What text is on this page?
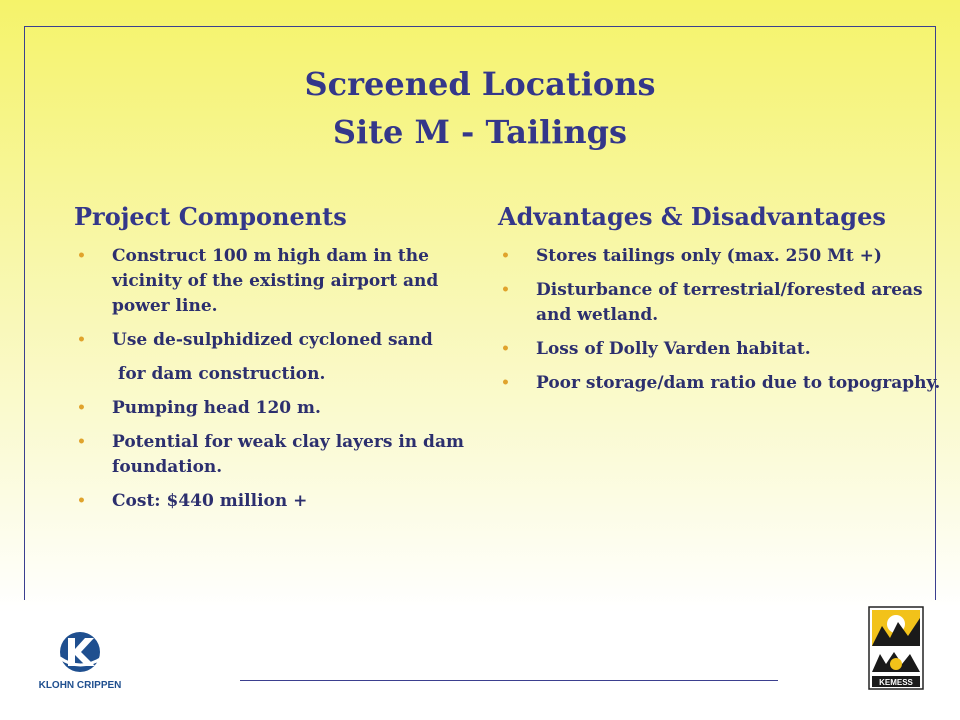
Screened Locations
Site M - Tailings
Project Components
• Construct 100 m high dam in the vicinity of the existing airport and power line.
• Use de-sulphidized cycloned sand
for dam construction.
• Pumping head 120 m.
• Potential for weak clay layers in dam foundation.
• Cost: $440 million +
Advantages & Disadvantages
• Stores tailings only (max. 250 Mt +)
• Disturbance of terrestrial/forested areas and wetland.
• Loss of Dolly Varden habitat.
• Poor storage/dam ratio due to topography.
KLOHN CRIPPEN	KEMESS
